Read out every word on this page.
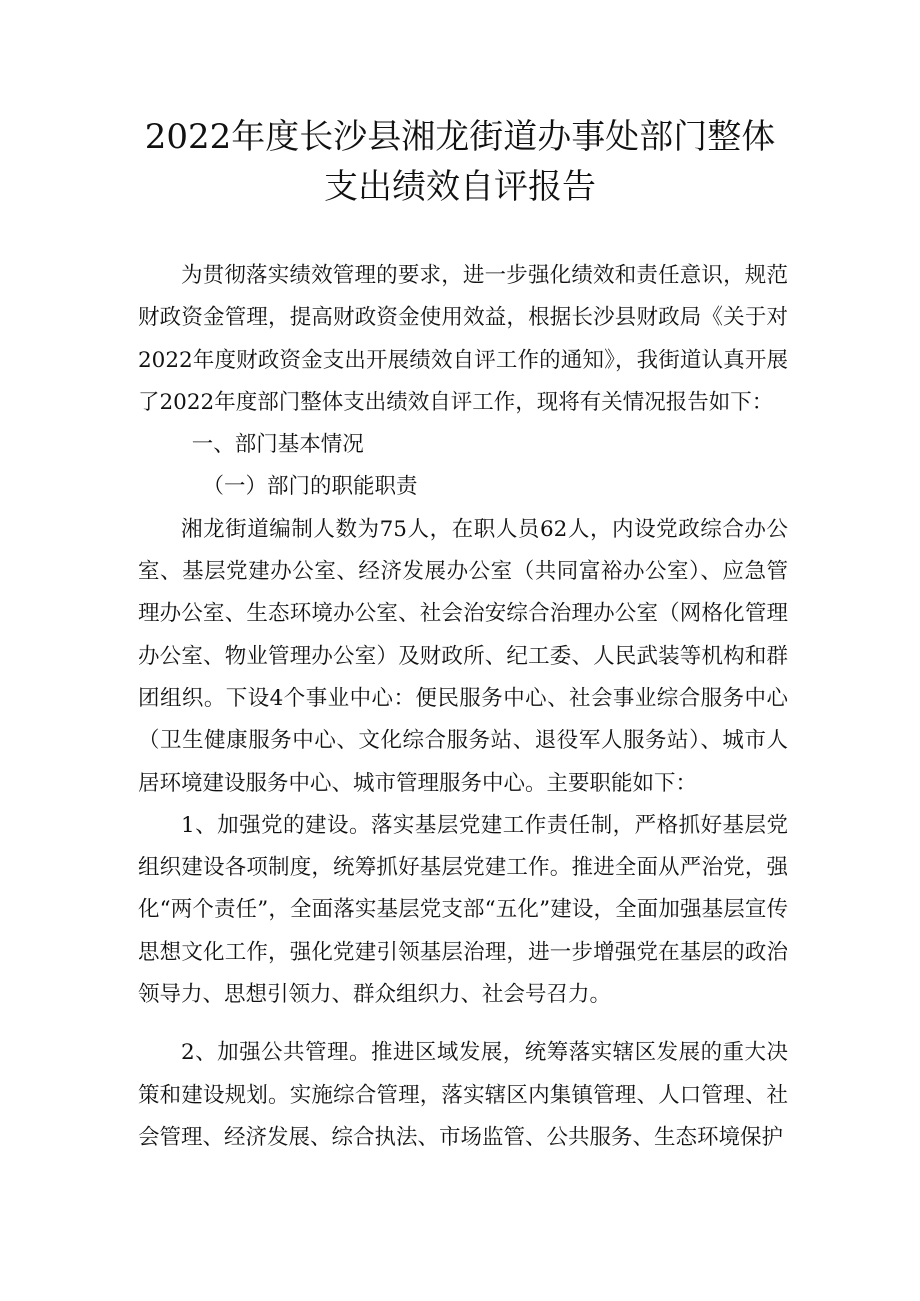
2022年度长沙县湘龙街道办事处部门整体
支出绩效自评报告

为贯彻落实绩效管理的要求，进一步强化绩效和责任意识，规范财政资金管理，提高财政资金使用效益，根据长沙县财政局《关于对2022年度财政资金支出开展绩效自评工作的通知》，我街道认真开展了2022年度部门整体支出绩效自评工作，现将有关情况报告如下：

一、部门基本情况

（一）部门的职能职责

湘龙街道编制人数为75人，在职人员62人，内设党政综合办公室、基层党建办公室、经济发展办公室（共同富裕办公室）、应急管理办公室、生态环境办公室、社会治安综合治理办公室（网格化管理办公室、物业管理办公室）及财政所、纪工委、人民武装等机构和群团组织。下设4个事业中心：便民服务中心、社会事业综合服务中心（卫生健康服务中心、文化综合服务站、退役军人服务站）、城市人居环境建设服务中心、城市管理服务中心。主要职能如下：

1、加强党的建设。落实基层党建工作责任制，严格抓好基层党组织建设各项制度，统筹抓好基层党建工作。推进全面从严治党，强化“两个责任”，全面落实基层党支部“五化”建设，全面加强基层宣传思想文化工作，强化党建引领基层治理，进一步增强党在基层的政治领导力、思想引领力、群众组织力、社会号召力。

2、加强公共管理。推进区域发展，统筹落实辖区发展的重大决策和建设规划。实施综合管理，落实辖区内集镇管理、人口管理、社会管理、经济发展、综合执法、市场监管、公共服务、生态环境保护
